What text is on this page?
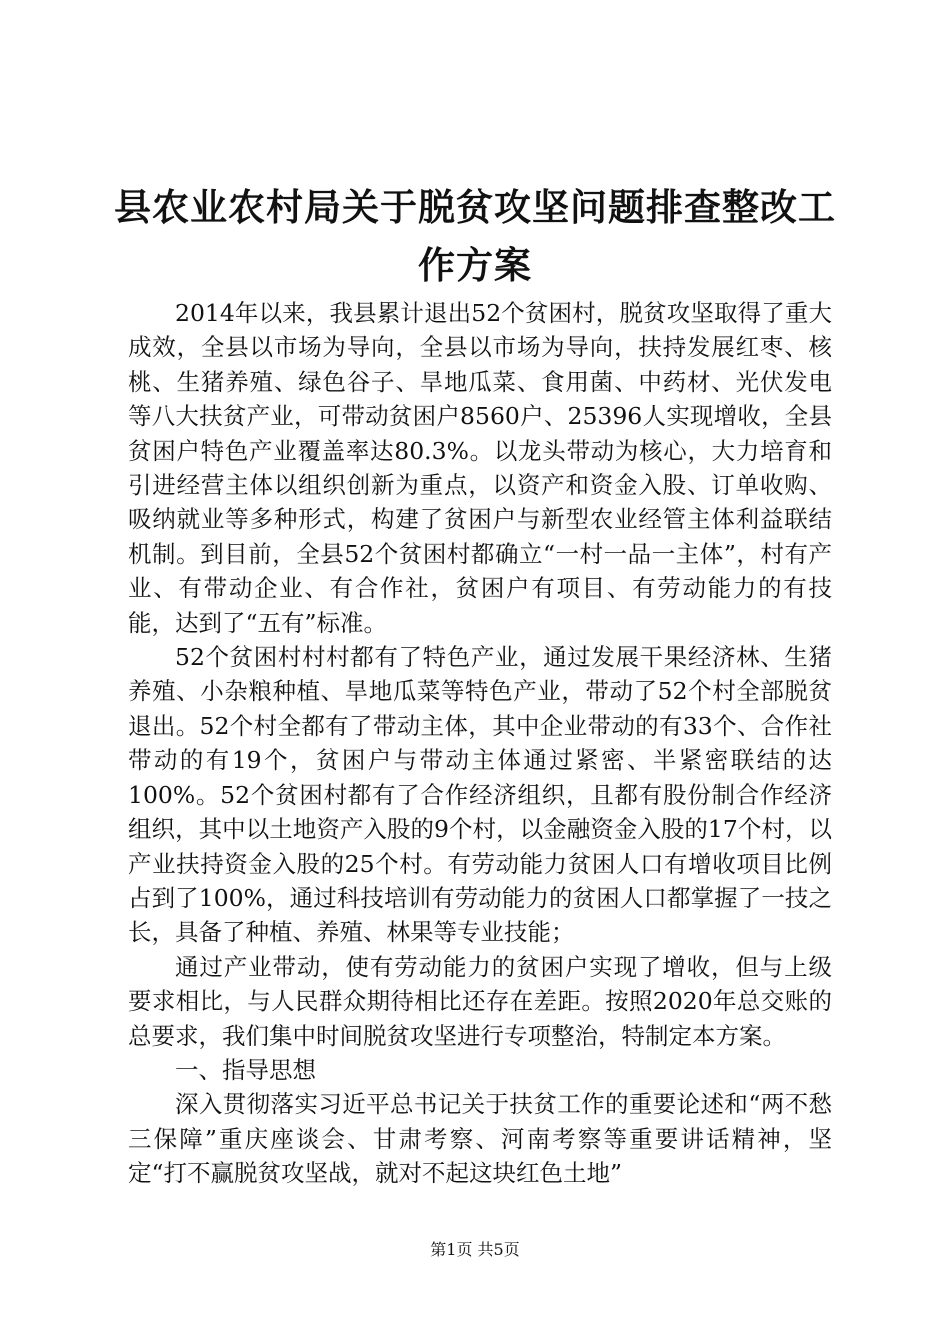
县农业农村局关于脱贫攻坚问题排查整改工作方案

2014年以来，我县累计退出52个贫困村，脱贫攻坚取得了重大成效，全县以市场为导向，全县以市场为导向，扶持发展红枣、核桃、生猪养殖、绿色谷子、旱地瓜菜、食用菌、中药材、光伏发电等八大扶贫产业，可带动贫困户8560户、25396人实现增收，全县贫困户特色产业覆盖率达80.3%。以龙头带动为核心，大力培育和引进经营主体以组织创新为重点，以资产和资金入股、订单收购、吸纳就业等多种形式，构建了贫困户与新型农业经管主体利益联结机制。到目前，全县52个贫困村都确立“一村一品一主体”，村有产业、有带动企业、有合作社，贫困户有项目、有劳动能力的有技能，达到了“五有”标准。

52个贫困村村村都有了特色产业，通过发展干果经济林、生猪养殖、小杂粮种植、旱地瓜菜等特色产业，带动了52个村全部脱贫退出。52个村全都有了带动主体，其中企业带动的有33个、合作社带动的有19个，贫困户与带动主体通过紧密、半紧密联结的达100%。52个贫困村都有了合作经济组织，且都有股份制合作经济组织，其中以土地资产入股的9个村，以金融资金入股的17个村，以产业扶持资金入股的25个村。有劳动能力贫困人口有增收项目比例占到了100%，通过科技培训有劳动能力的贫困人口都掌握了一技之长，具备了种植、养殖、林果等专业技能；

通过产业带动，使有劳动能力的贫困户实现了增收，但与上级要求相比，与人民群众期待相比还存在差距。按照2020年总交账的总要求，我们集中时间脱贫攻坚进行专项整治，特制定本方案。

一、指导思想

深入贯彻落实习近平总书记关于扶贫工作的重要论述和“两不愁三保障”重庆座谈会、甘肃考察、河南考察等重要讲话精神，坚定“打不赢脱贫攻坚战，就对不起这块红色土地”

第1页 共5页
